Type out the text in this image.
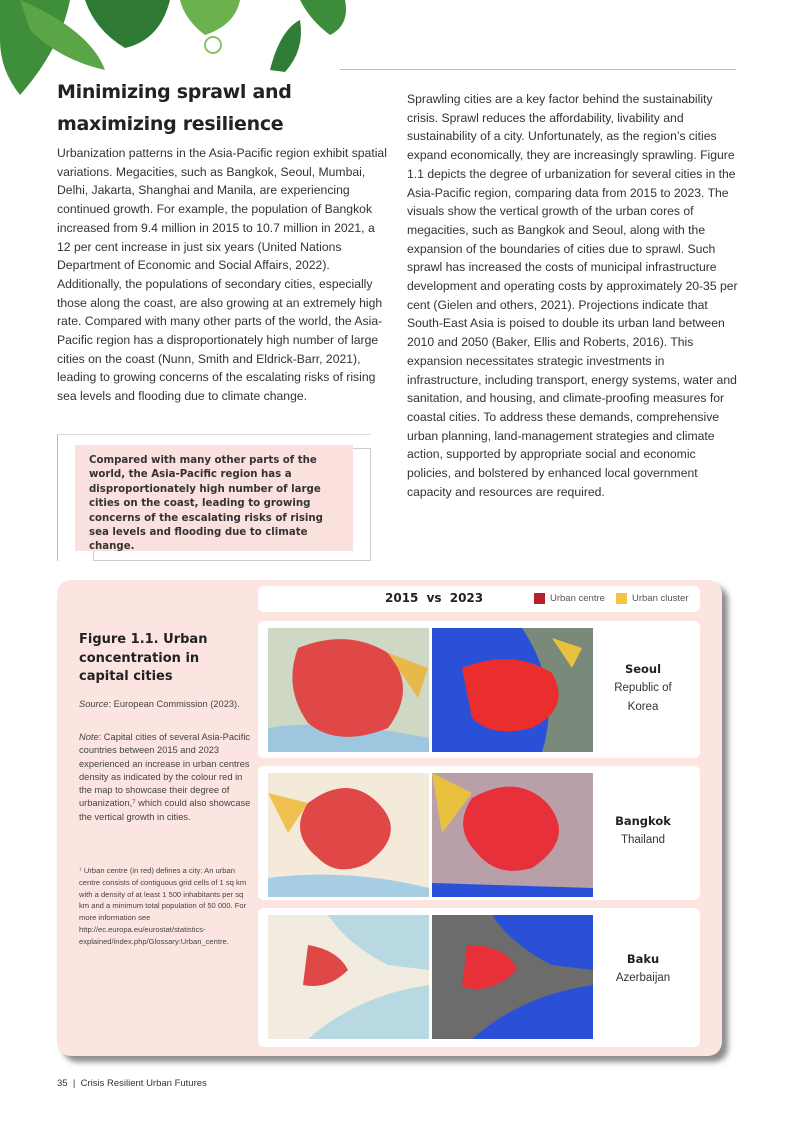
Minimizing sprawl and maximizing resilience

Urbanization patterns in the Asia-Pacific region exhibit spatial variations. Megacities, such as Bangkok, Seoul, Mumbai, Delhi, Jakarta, Shanghai and Manila, are experiencing continued growth. For example, the population of Bangkok increased from 9.4 million in 2015 to 10.7 million in 2021, a 12 per cent increase in just six years (United Nations Department of Economic and Social Affairs, 2022). Additionally, the populations of secondary cities, especially those along the coast, are also growing at an extremely high rate. Compared with many other parts of the world, the Asia-Pacific region has a disproportionately high number of large cities on the coast (Nunn, Smith and Eldrick-Barr, 2021), leading to growing concerns of the escalating risks of rising sea levels and flooding due to climate change.

Sprawling cities are a key factor behind the sustainability crisis. Sprawl reduces the affordability, livability and sustainability of a city. Unfortunately, as the region’s cities expand economically, they are increasingly sprawling. Figure 1.1 depicts the degree of urbanization for several cities in the Asia-Pacific region, comparing data from 2015 to 2023. The visuals show the vertical growth of the urban cores of megacities, such as Bangkok and Seoul, along with the expansion of the boundaries of cities due to sprawl. Such sprawl has increased the costs of municipal infrastructure development and operating costs by approximately 20-35 per cent (Gielen and others, 2021). Projections indicate that South-East Asia is poised to double its urban land between 2010 and 2050 (Baker, Ellis and Roberts, 2016). This expansion necessitates strategic investments in infrastructure, including transport, energy systems, water and sanitation, and housing, and climate-proofing measures for coastal cities. To address these demands, comprehensive urban planning, land-management strategies and climate action, supported by appropriate social and economic policies, and bolstered by enhanced local government capacity and resources are required.

Compared with many other parts of the world, the Asia-Pacific region has a disproportionately high number of large cities on the coast, leading to growing concerns of the escalating risks of rising sea levels and flooding due to climate change.
Figure 1.1. Urban concentration in capital cities

Source: European Commission (2023).

Note: Capital cities of several Asia-Pacific countries between 2015 and 2023 experienced an increase in urban centres density as indicated by the colour red in the map to showcase their degree of urbanization,⁷ which could also showcase the vertical growth in cities.

⁷ Urban centre (in red) defines a city: An urban centre consists of contiguous grid cells of 1 sq km with a density of at least 1 500 inhabitants per sq km and a minimum total population of 50 000. For more information see http://ec.europa.eu/eurostat/statistics-explained/index.php/Glossary:Urban_centre.

2015 vs 2023	Urban centre	Urban cluster
Seoul
Republic of Korea
Bangkok
Thailand
Baku
Azerbaijan
35 | Crisis Resilient Urban Futures
